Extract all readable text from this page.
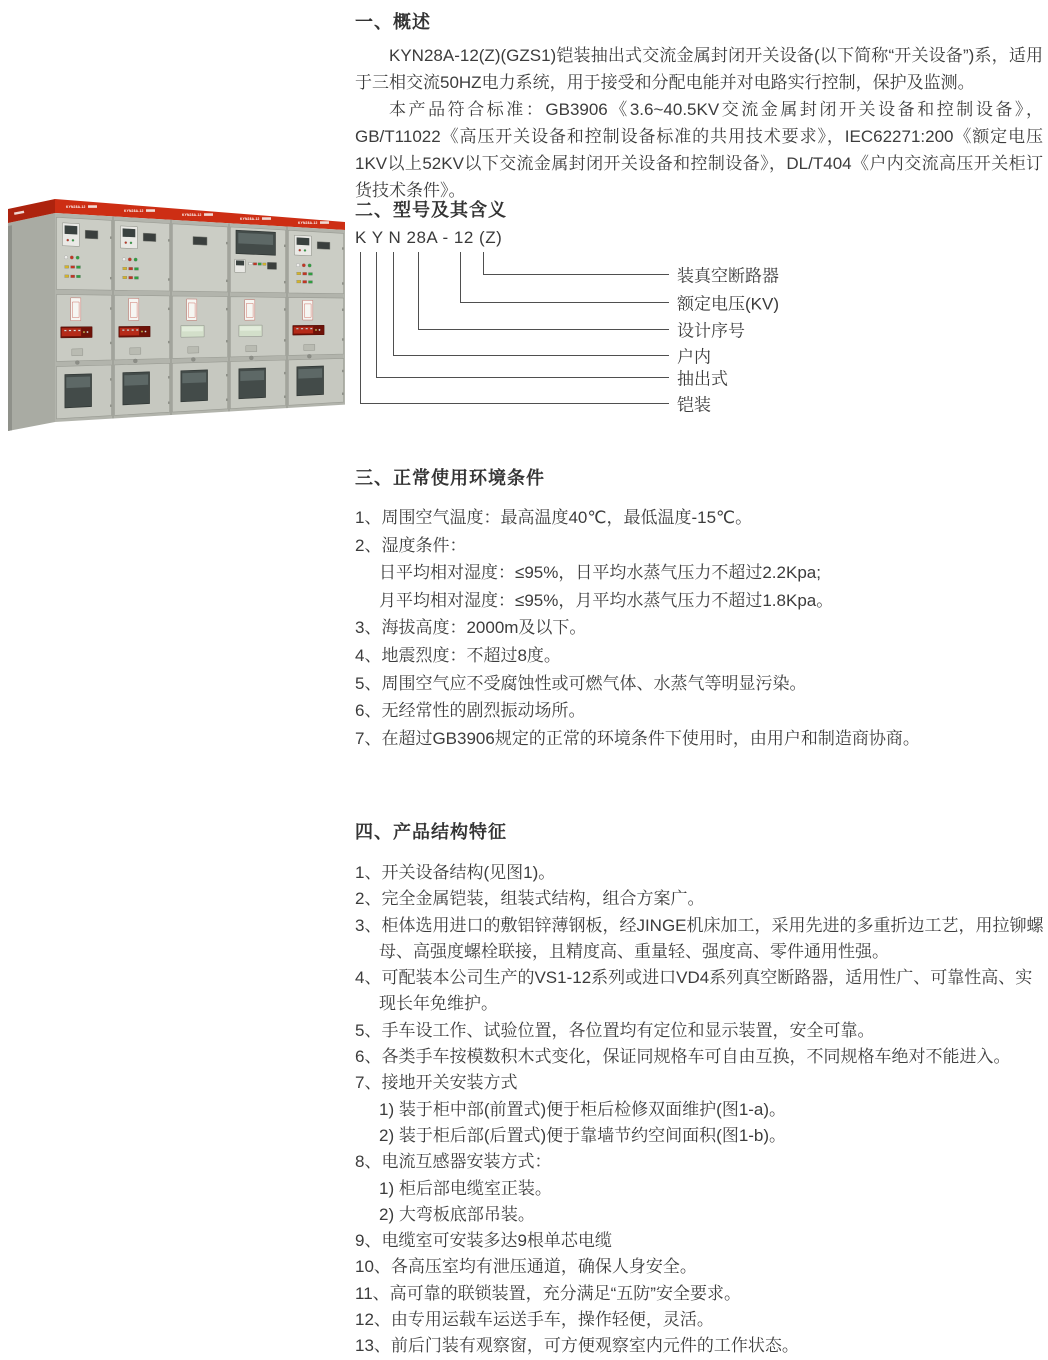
KYN28A-12
KYN28A-12
KYN28A-12
KYN28A-12
KYN28A-12
一、概述
KYN28A-12(Z)(GZS1)铠装抽出式交流金属封闭开关设备(以下简称“开关设备”)系，适用于三相交流50HZ电力系统，用于接受和分配电能并对电路实行控制，保护及监测。
本产品符合标准：GB3906《3.6~40.5KV交流金属封闭开关设备和控制设备》，GB/T11022《高压开关设备和控制设备标准的共用技术要求》，IEC62271:200《额定电压1KV以上52KV以下交流金属封闭开关设备和控制设备》，DL/T404《户内交流高压开关柜订货技术条件》。
二、型号及其含义
K Y N 28A - 12 (Z)
装真空断路器
额定电压(KV)
设计序号
户内
抽出式
铠装
三、正常使用环境条件
1、周围空气温度：最高温度40℃，最低温度-15℃。
2、湿度条件：
日平均相对湿度：≤95%，日平均水蒸气压力不超过2.2Kpa;
月平均相对湿度：≤95%，月平均水蒸气压力不超过1.8Kpa。
3、海拔高度：2000m及以下。
4、地震烈度：不超过8度。
5、周围空气应不受腐蚀性或可燃气体、水蒸气等明显污染。
6、无经常性的剧烈振动场所。
7、在超过GB3906规定的正常的环境条件下使用时，由用户和制造商协商。
四、产品结构特征
1、开关设备结构(见图1)。
2、完全金属铠装，组装式结构，组合方案广。
3、柜体选用进口的敷铝锌薄钢板，经JINGE机床加工，采用先进的多重折边工艺，用拉铆螺母、高强度螺栓联接，且精度高、重量轻、强度高、零件通用性强。
4、可配装本公司生产的VS1-12系列或进口VD4系列真空断路器，适用性广、可靠性高、实现长年免维护。
5、手车设工作、试验位置，各位置均有定位和显示装置，安全可靠。
6、各类手车按模数积木式变化，保证同规格车可自由互换，不同规格车绝对不能进入。
7、接地开关安装方式
1) 装于柜中部(前置式)便于柜后检修双面维护(图1-a)。
2) 装于柜后部(后置式)便于靠墙节约空间面积(图1-b)。
8、电流互感器安装方式：
1) 柜后部电缆室正装。
2) 大弯板底部吊装。
9、电缆室可安装多达9根单芯电缆
10、各高压室均有泄压通道，确保人身安全。
11、高可靠的联锁装置，充分满足“五防”安全要求。
12、由专用运载车运送手车，操作轻便，灵活。
13、前后门装有观察窗，可方便观察室内元件的工作状态。
